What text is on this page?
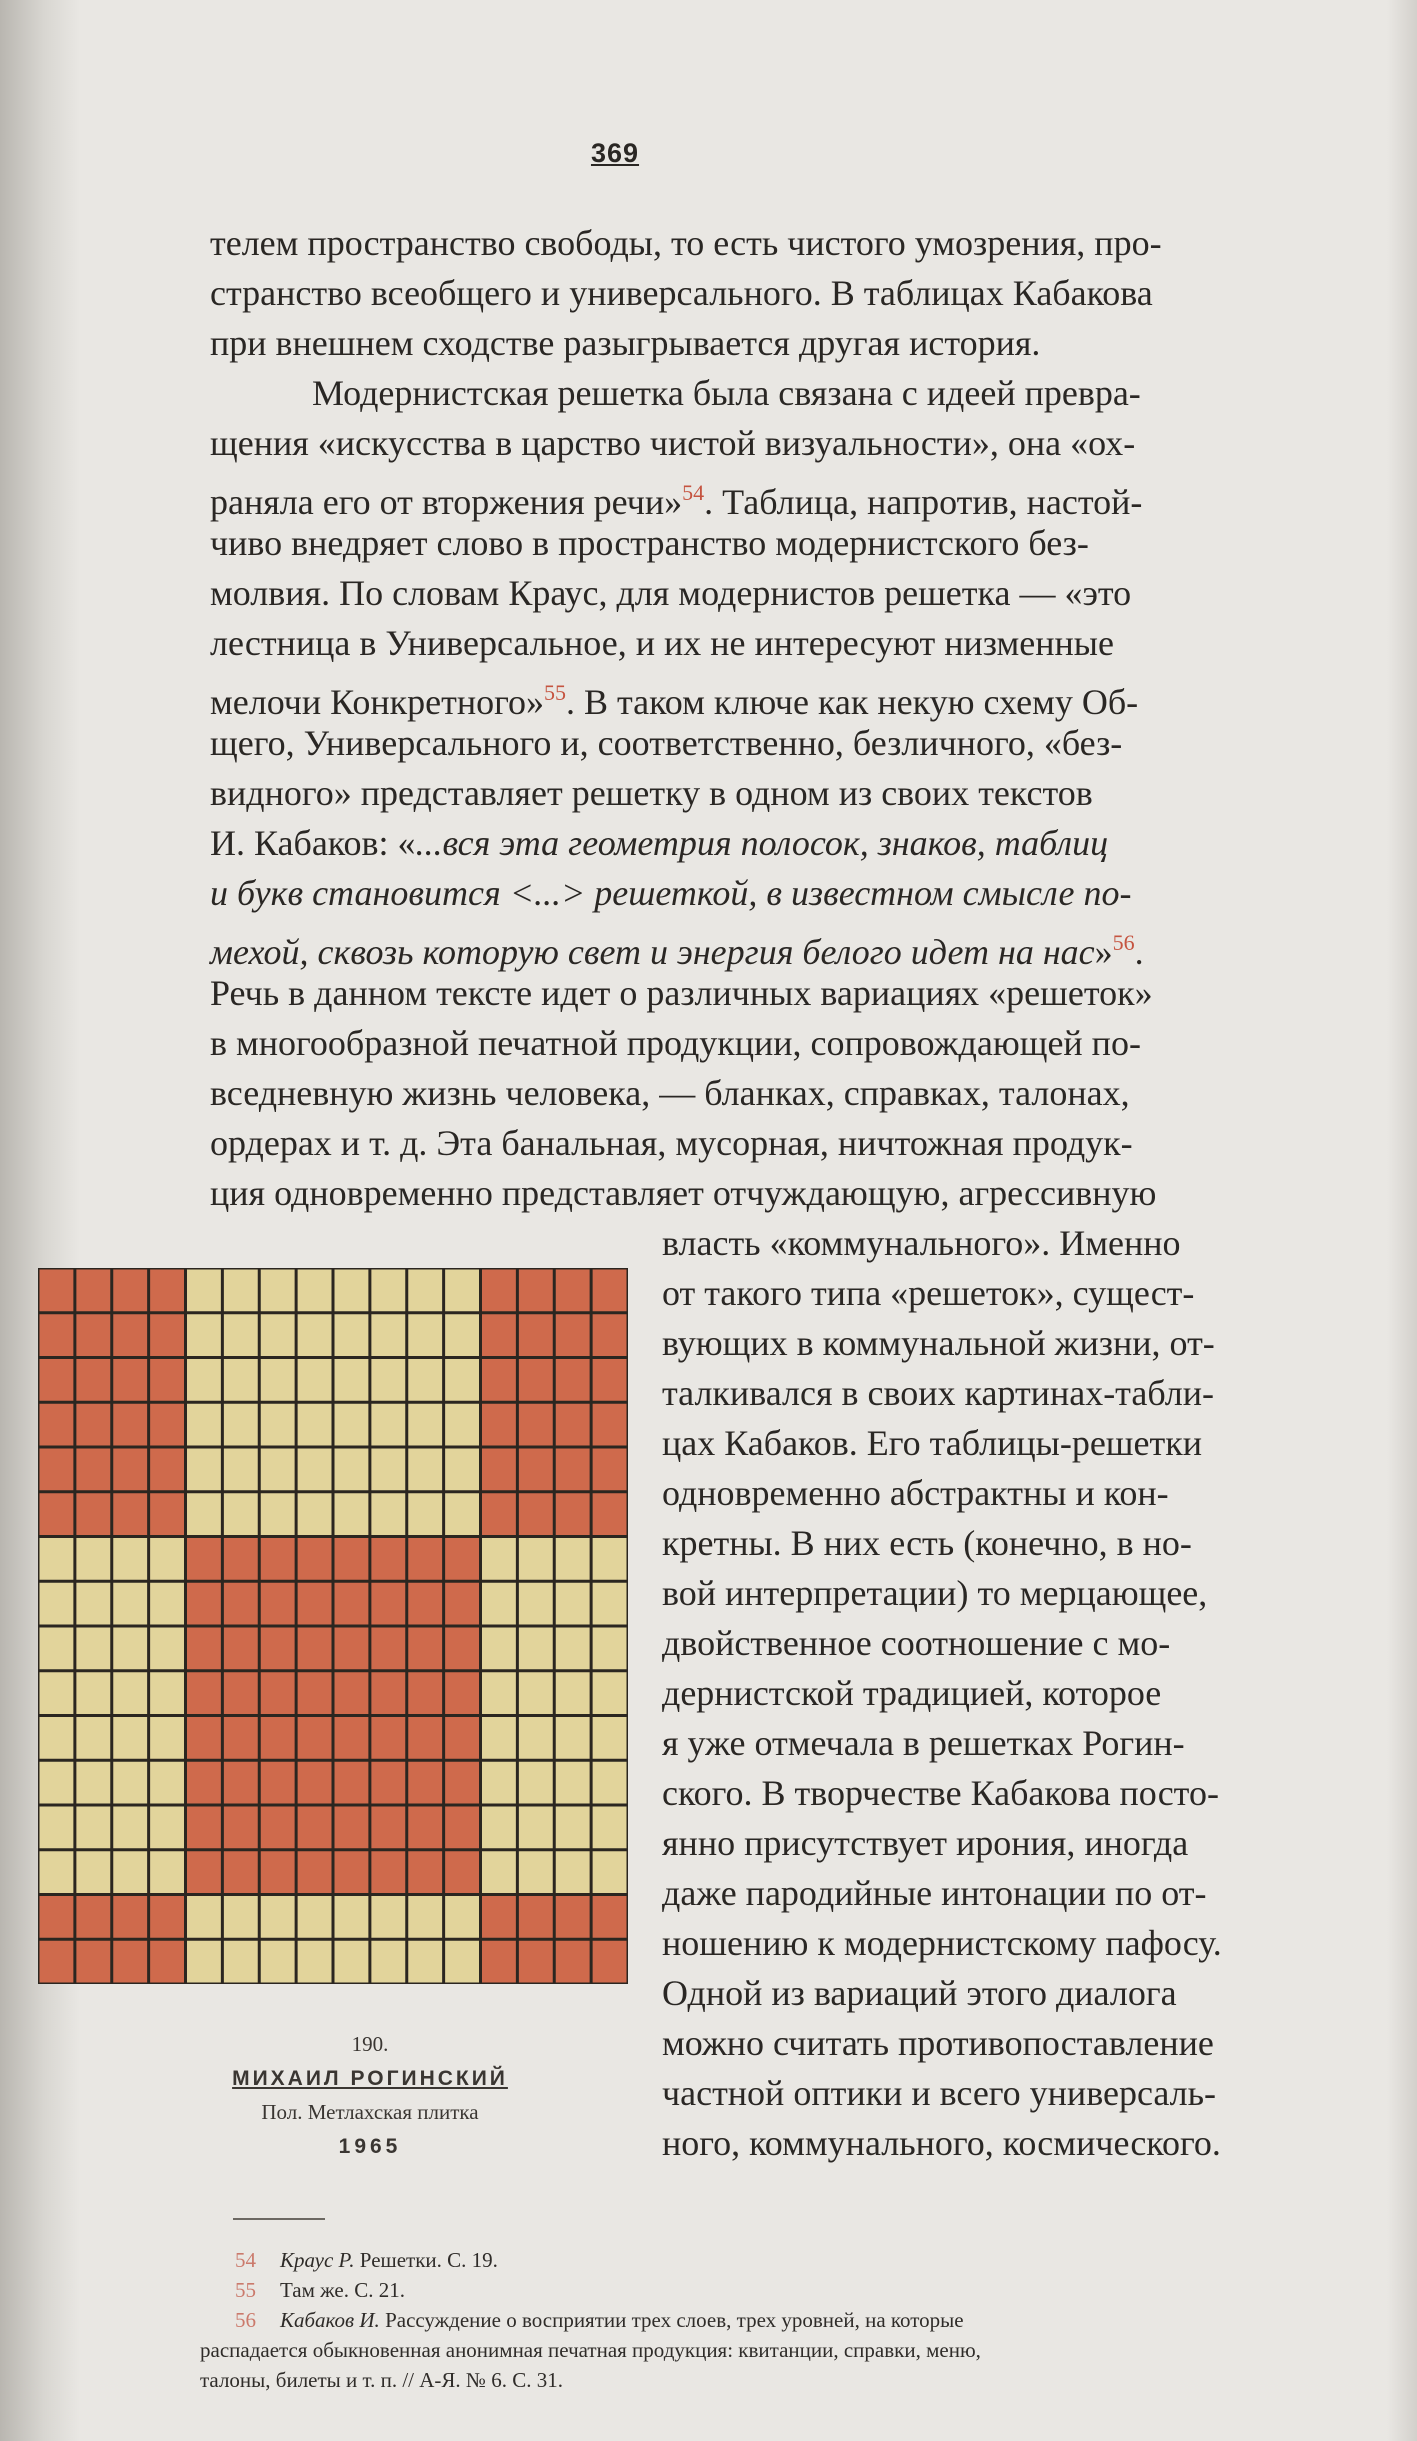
369
телем пространство свободы, то есть чистого умозрения, про-
странство всеобщего и универсального. В таблицах Кабакова
при внешнем сходстве разыгрывается другая история.
Модернистская решетка была связана с идеей превра-
щения «искусства в царство чистой визуальности», она «ох-
раняла его от вторжения речи»$^{54}$. Таблица, напротив, настой-
чиво внедряет слово в пространство модернистского без-
молвия. По словам Краус, для модернистов решетка — «это
лестница в Универсальное, и их не интересуют низменные
мелочи Конкретного»$^{55}$. В таком ключе как некую схему Об-
щего, Универсального и, соответственно, безличного, «без-
видного» представляет решетку в одном из своих текстов
И. Кабаков: «...вся эта геометрия полосок, знаков, таблиц
и букв становится <...> решеткой, в известном смысле по-
мехой, сквозь которую свет и энергия белого идет на нас»$^{56}$.
Речь в данном тексте идет о различных вариациях «решеток»
в многообразной печатной продукции, сопровождающей по-
вседневную жизнь человека, — бланках, справках, талонах,
ордерах и т. д. Эта банальная, мусорная, ничтожная продук-
ция одновременно представляет отчуждающую, агрессивную
власть «коммунального». Именно
от такого типа «решеток», сущест-
вующих в коммунальной жизни, от-
талкивался в своих картинах-табли-
цах Кабаков. Его таблицы-решетки
одновременно абстрактны и кон-
кретны. В них есть (конечно, в но-
вой интерпретации) то мерцающее,
двойственное соотношение с мо-
дернистской традицией, которое
я уже отмечала в решетках Рогин-
ского. В творчестве Кабакова посто-
янно присутствует ирония, иногда
даже пародийные интонации по от-
ношению к модернистскому пафосу.
Одной из вариаций этого диалога
можно считать противопоставление
частной оптики и всего универсаль-
ного, коммунального, космического.
190.
МИХАИЛ РОГИНСКИЙ
Пол. Метлахская плитка
1965
54 Краус Р. Решетки. С. 19.
55 Там же. С. 21.
56 Кабаков И. Рассуждение о восприятии трех слоев, трех уровней, на которые
распадается обыкновенная анонимная печатная продукция: квитанции, справки, меню,
талоны, билеты и т. п. // А-Я. № 6. С. 31.
